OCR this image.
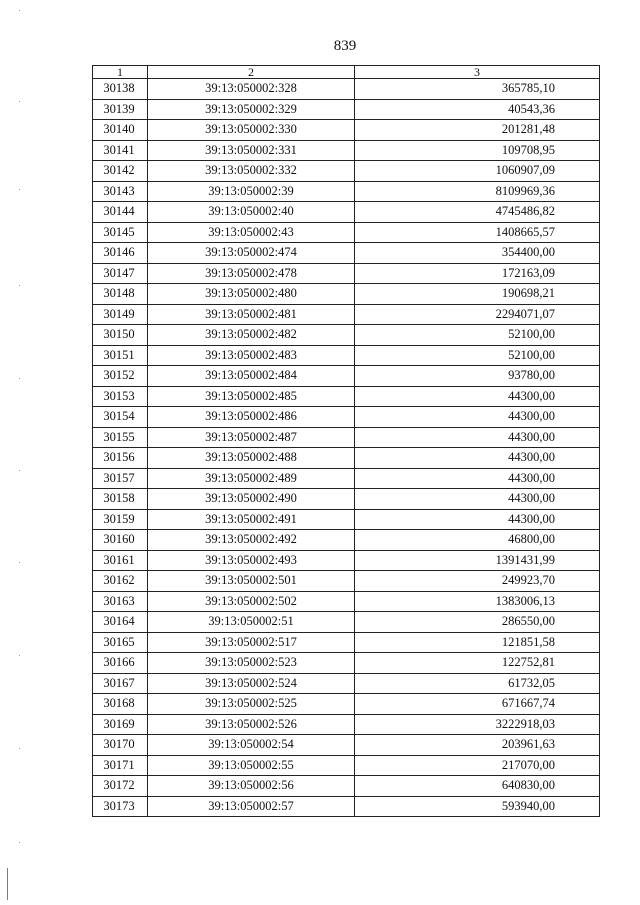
839
1	2	3
30138	39:13:050002:328	365785,10
30139	39:13:050002:329	40543,36
30140	39:13:050002:330	201281,48
30141	39:13:050002:331	109708,95
30142	39:13:050002:332	1060907,09
30143	39:13:050002:39	8109969,36
30144	39:13:050002:40	4745486,82
30145	39:13:050002:43	1408665,57
30146	39:13:050002:474	354400,00
30147	39:13:050002:478	172163,09
30148	39:13:050002:480	190698,21
30149	39:13:050002:481	2294071,07
30150	39:13:050002:482	52100,00
30151	39:13:050002:483	52100,00
30152	39:13:050002:484	93780,00
30153	39:13:050002:485	44300,00
30154	39:13:050002:486	44300,00
30155	39:13:050002:487	44300,00
30156	39:13:050002:488	44300,00
30157	39:13:050002:489	44300,00
30158	39:13:050002:490	44300,00
30159	39:13:050002:491	44300,00
30160	39:13:050002:492	46800,00
30161	39:13:050002:493	1391431,99
30162	39:13:050002:501	249923,70
30163	39:13:050002:502	1383006,13
30164	39:13:050002:51	286550,00
30165	39:13:050002:517	121851,58
30166	39:13:050002:523	122752,81
30167	39:13:050002:524	61732,05
30168	39:13:050002:525	671667,74
30169	39:13:050002:526	3222918,03
30170	39:13:050002:54	203961,63
30171	39:13:050002:55	217070,00
30172	39:13:050002:56	640830,00
30173	39:13:050002:57	593940,00
